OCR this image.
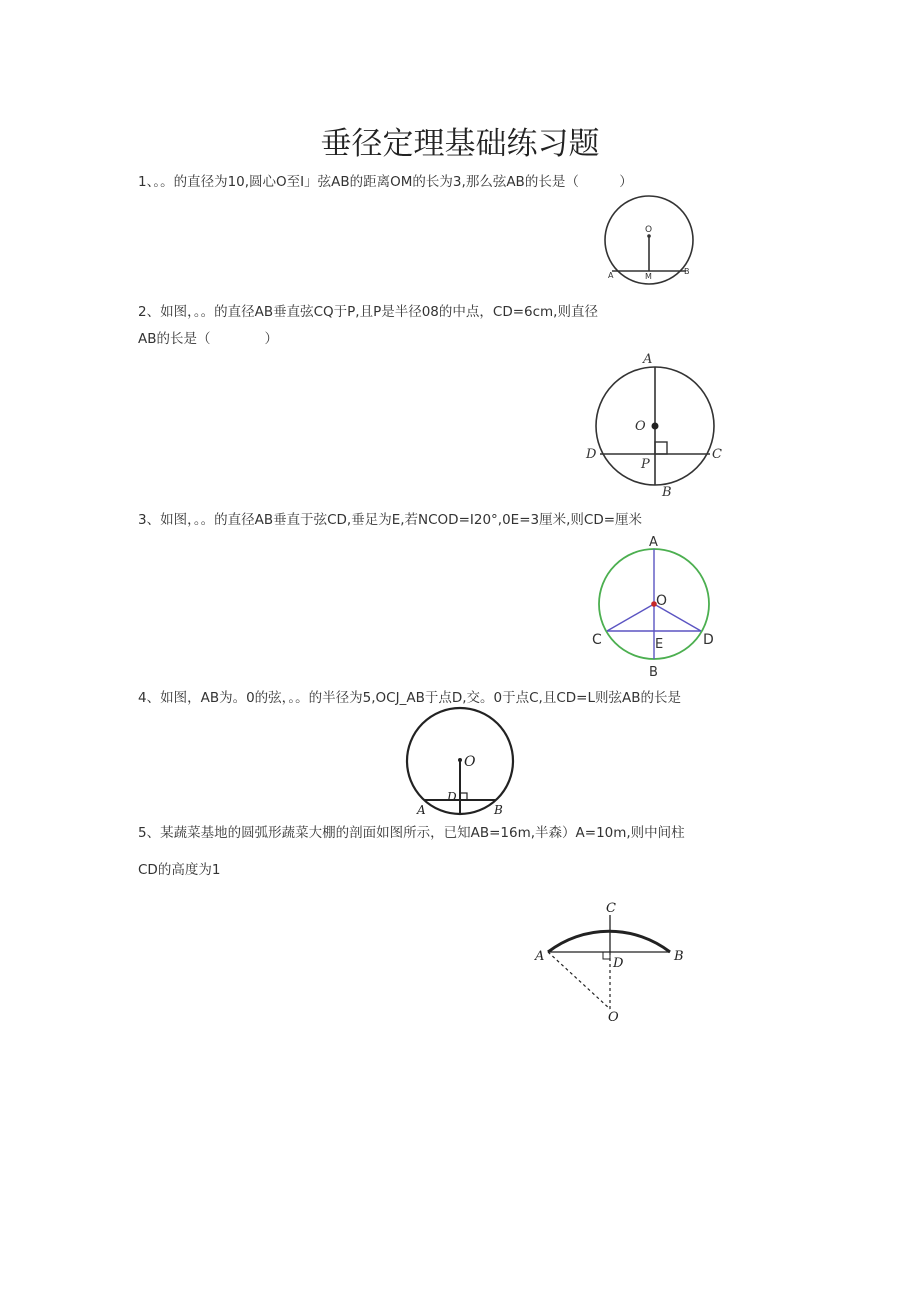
垂径定理基础练习题
1、。。的直径为10,圆心O至I」弦AB的距离OM的长为3,那么弦AB的长是（　　　）
O
A	M
B
2、如图，。。的直径AB垂直弦CQ于P,且P是半径08的中点，CD=6cm,则直径
AB的长是（　　　　）
A
O
D
P
C
B
3、如图，。。的直径AB垂直于弦CD,垂足为E,若NCOD=I20°,0E=3厘米,则CD=厘米
A
O
C	E	D
B
4、如图，AB为。0的弦，。。的半径为5,OCJ_AB于点D,交。0于点C,且CD=L则弦AB的长是
O
D
A	B
5、某蔬菜基地的圆弧形蔬菜大棚的剖面如图所示，已知AB=16m,半森）A=10m,则中间柱
CD的高度为1
C
A	D	B
O
